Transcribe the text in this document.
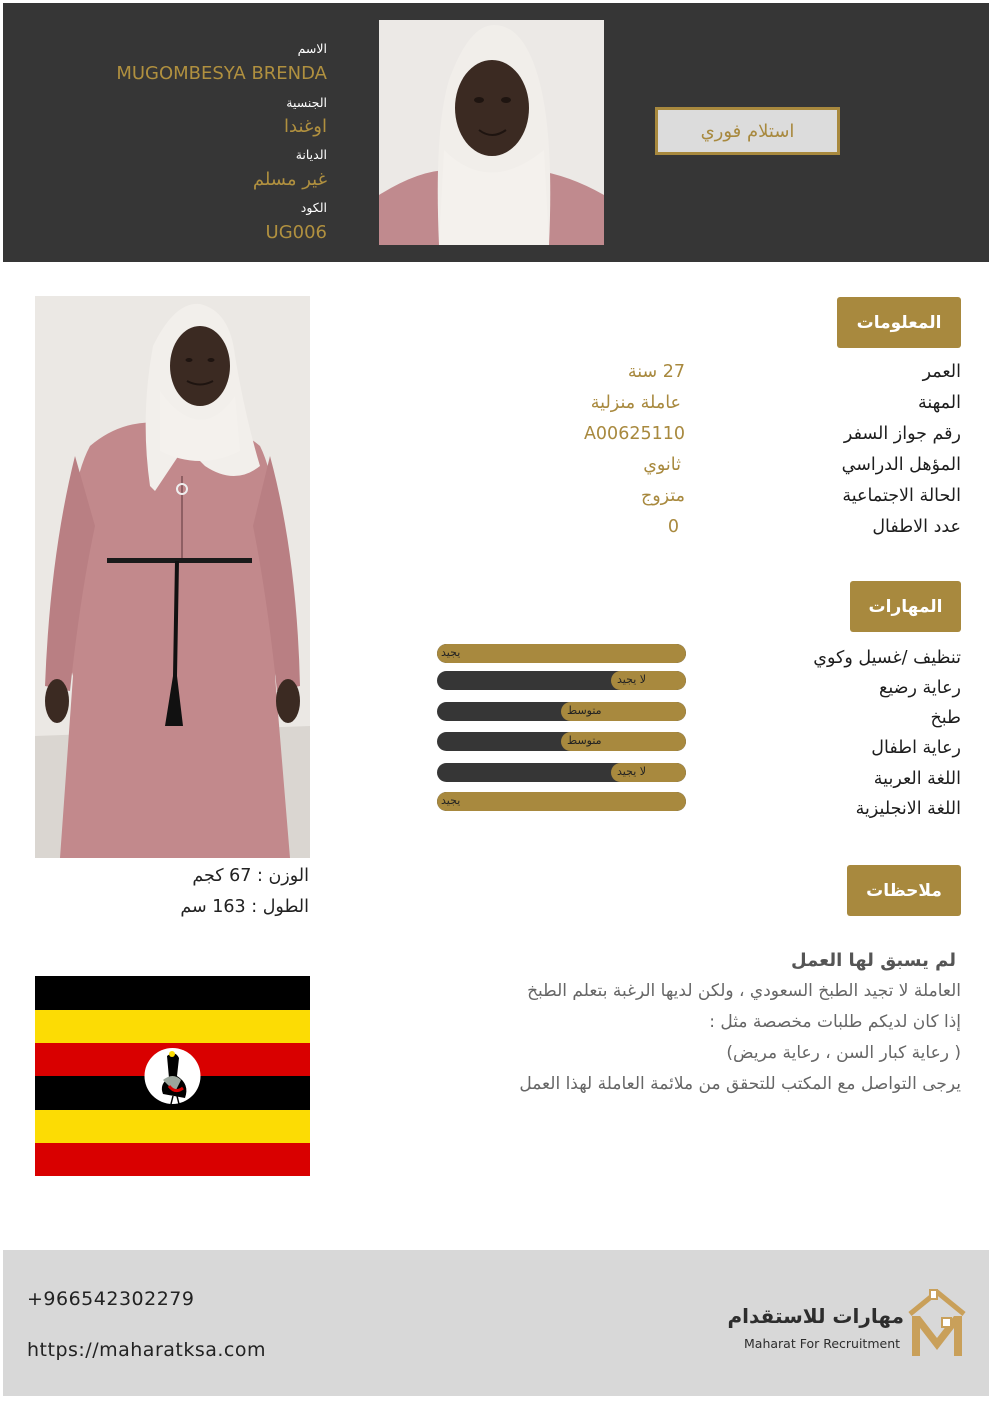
الاسم
MUGOMBESYA BRENDA
الجنسية
اوغندا
الديانة
غير مسلم
الكود
UG006
استلام فوري
الوزن : 67 كجم
الطول : 163 سم
المعلومات
العمر
27 سنة
المهنة
عاملة منزلية
رقم جواز السفر
A00625110
المؤهل الدراسي
ثانوي
الحالة الاجتماعية
متزوج
عدد الاطفال
0
المهارات
تنظيف /غسيل وكوي
رعاية رضيع
طبخ
رعاية اطفال
اللغة العربية
اللغة الانجليزية
يجيد
لا يجيد
متوسط
متوسط
لا يجيد
يجيد
ملاحظات
لم يسبق لها العمل
العاملة لا تجيد الطبخ السعودي ، ولكن لديها الرغبة بتعلم الطبخ
إذا كان لديكم طلبات مخصصة مثل :
( رعاية كبار السن ، رعاية مريض)
يرجى التواصل مع المكتب للتحقق من ملائمة العاملة لهذا العمل
+966542302279
https://maharatksa.com
مهارات للاستقدام
Maharat For Recruitment
